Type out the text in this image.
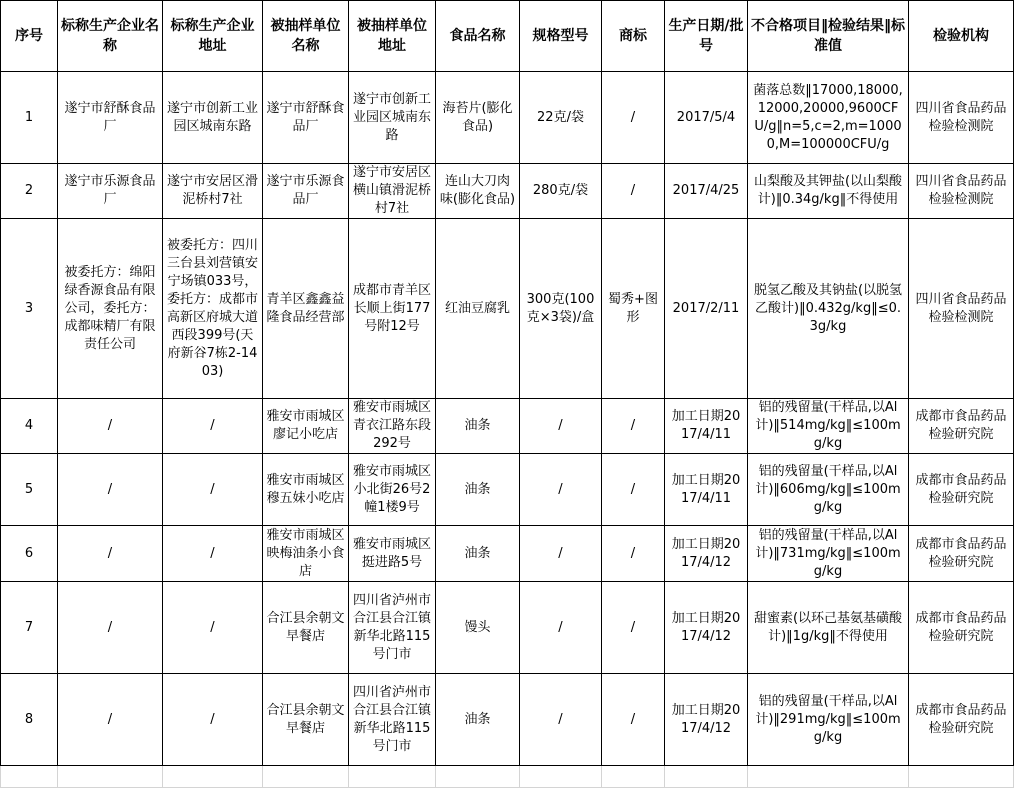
序号	标称生产企业名称	标称生产企业地址	被抽样单位名称	被抽样单位地址	食品名称	规格型号	商标	生产日期/批号	不合格项目‖检验结果‖标准值	检验机构
1	遂宁市舒酥食品厂	遂宁市创新工业园区城南东路	遂宁市舒酥食品厂	遂宁市创新工业园区城南东路	海苔片(膨化食品)	22克/袋	/	2017/5/4	菌落总数‖17000,18000,12000,20000,9600CFU/g‖n=5,c=2,m=10000,M=100000CFU/g	四川省食品药品检验检测院
2	遂宁市乐源食品厂	遂宁市安居区滑泥桥村7社	遂宁市乐源食品厂	遂宁市安居区横山镇滑泥桥村7社	连山大刀肉味(膨化食品)	280克/袋	/	2017/4/25	山梨酸及其钾盐(以山梨酸计)‖0.34g/kg‖不得使用	四川省食品药品检验检测院
3	被委托方：绵阳绿香源食品有限公司，委托方：成都味精厂有限责任公司	被委托方：四川三台县刘营镇安宁场镇033号，委托方：成都市高新区府城大道西段399号(天府新谷7栋2-1403)	青羊区鑫鑫益隆食品经营部	成都市青羊区长顺上街177号附12号	红油豆腐乳	300克(100克×3袋)/盒	蜀秀+图形	2017/2/11	脱氢乙酸及其钠盐(以脱氢乙酸计)‖0.432g/kg‖≤0.3g/kg	四川省食品药品检验检测院
4	/	/	雅安市雨城区廖记小吃店	雅安市雨城区青衣江路东段292号	油条	/	/	加工日期2017/4/11	铝的残留量(干样品,以Al计)‖514mg/kg‖≤100mg/kg	成都市食品药品检验研究院
5	/	/	雅安市雨城区穆五妹小吃店	雅安市雨城区小北街26号2幢1楼9号	油条	/	/	加工日期2017/4/11	铝的残留量(干样品,以Al计)‖606mg/kg‖≤100mg/kg	成都市食品药品检验研究院
6	/	/	雅安市雨城区映梅油条小食店	雅安市雨城区挺进路5号	油条	/	/	加工日期2017/4/12	铝的残留量(干样品,以Al计)‖731mg/kg‖≤100mg/kg	成都市食品药品检验研究院
7	/	/	合江县余朝文早餐店	四川省泸州市合江县合江镇新华北路115号门市	馒头	/	/	加工日期2017/4/12	甜蜜素(以环己基氨基磺酸计)‖1g/kg‖不得使用	成都市食品药品检验研究院
8	/	/	合江县余朝文早餐店	四川省泸州市合江县合江镇新华北路115号门市	油条	/	/	加工日期2017/4/12	铝的残留量(干样品,以Al计)‖291mg/kg‖≤100mg/kg	成都市食品药品检验研究院
